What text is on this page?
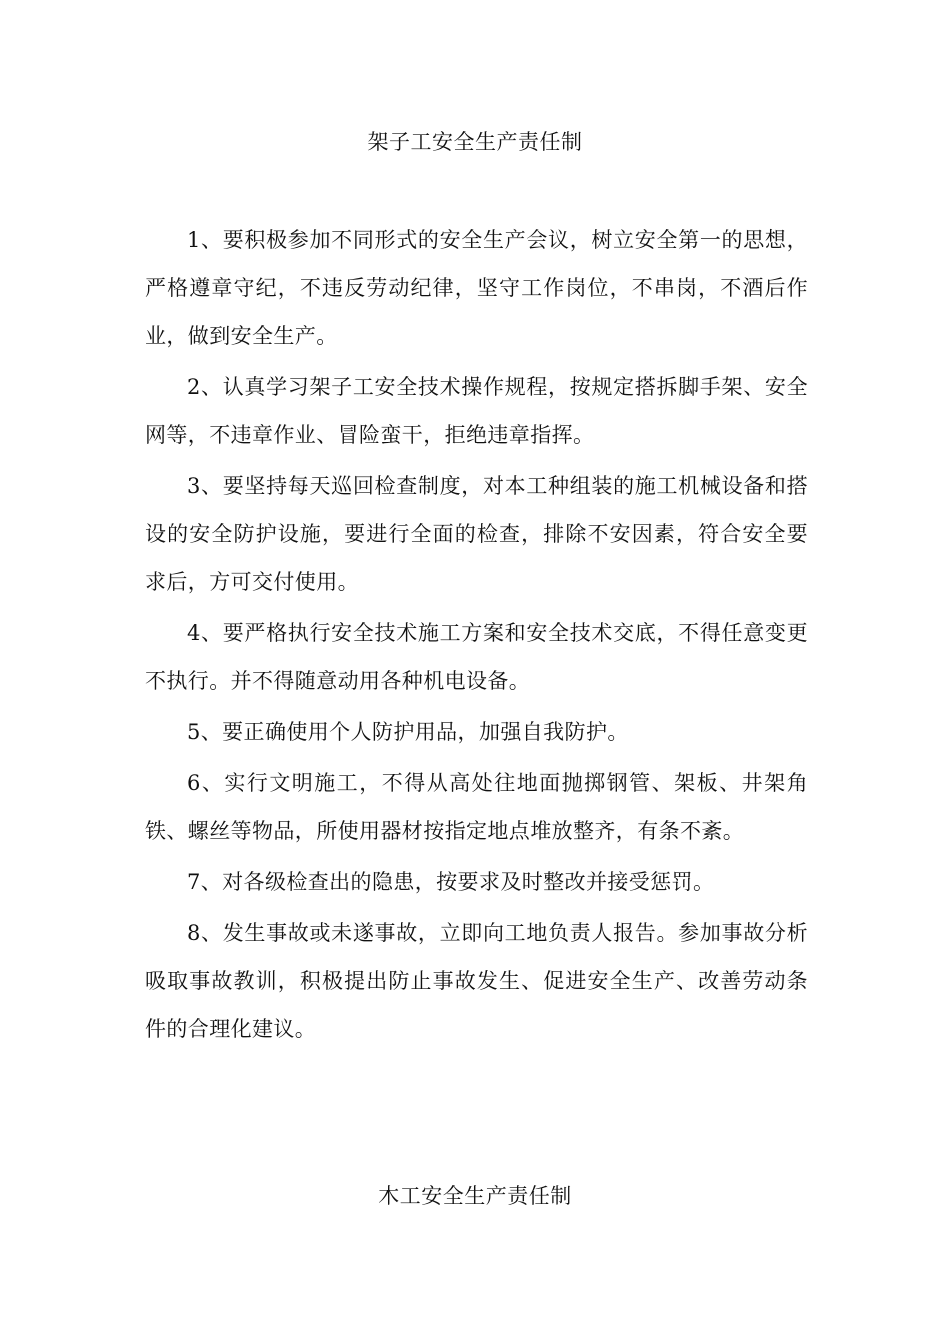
架子工安全生产责任制

1、要积极参加不同形式的安全生产会议，树立安全第一的思想，严格遵章守纪，不违反劳动纪律，坚守工作岗位，不串岗，不酒后作业，做到安全生产。

2、认真学习架子工安全技术操作规程，按规定搭拆脚手架、安全网等，不违章作业、冒险蛮干，拒绝违章指挥。

3、要坚持每天巡回检查制度，对本工种组装的施工机械设备和搭设的安全防护设施，要进行全面的检查，排除不安因素，符合安全要求后，方可交付使用。

4、要严格执行安全技术施工方案和安全技术交底，不得任意变更不执行。并不得随意动用各种机电设备。

5、要正确使用个人防护用品，加强自我防护。

6、实行文明施工，不得从高处往地面抛掷钢管、架板、井架角铁、螺丝等物品，所使用器材按指定地点堆放整齐，有条不紊。

7、对各级检查出的隐患，按要求及时整改并接受惩罚。

8、发生事故或未遂事故，立即向工地负责人报告。参加事故分析吸取事故教训，积极提出防止事故发生、促进安全生产、改善劳动条件的合理化建议。

木工安全生产责任制
